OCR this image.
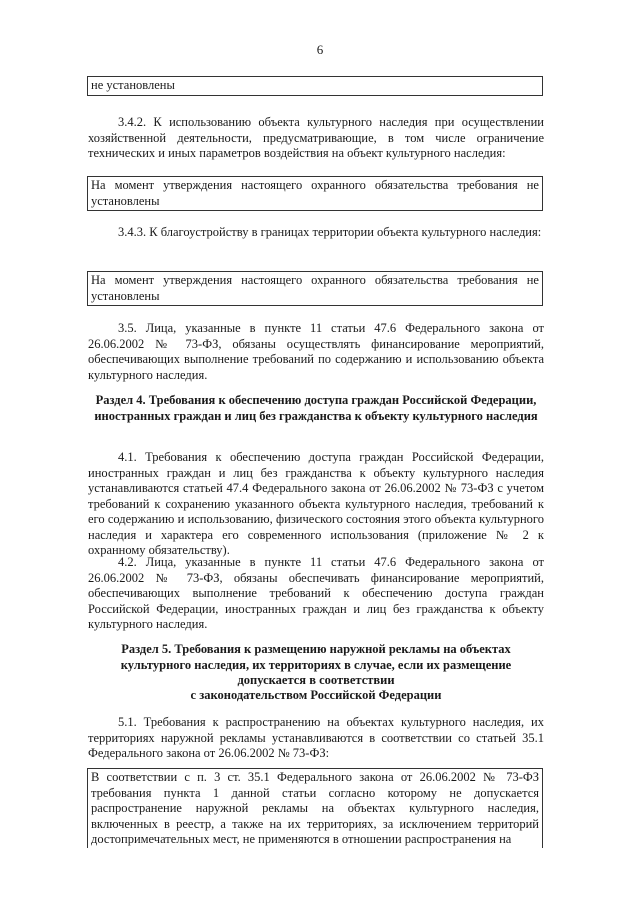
6
не установлены
3.4.2. К использованию объекта культурного наследия при осуществлении хозяйственной деятельности, предусматривающие, в том числе ограничение технических и иных параметров воздействия на объект культурного наследия:
На момент утверждения настоящего охранного обязательства требования не установлены
3.4.3. К благоустройству в границах территории объекта культурного наследия:
На момент утверждения настоящего охранного обязательства требования не установлены
3.5. Лица, указанные в пункте 11 статьи 47.6 Федерального закона от 26.06.2002 № 73-ФЗ, обязаны осуществлять финансирование мероприятий, обеспечивающих выполнение требований по содержанию и использованию объекта культурного наследия.
Раздел 4. Требования к обеспечению доступа граждан Российской Федерации, иностранных граждан и лиц без гражданства к объекту культурного наследия
4.1. Требования к обеспечению доступа граждан Российской Федерации, иностранных граждан и лиц без гражданства к объекту культурного наследия устанавливаются статьей 47.4 Федерального закона от 26.06.2002 № 73-ФЗ с учетом требований к сохранению указанного объекта культурного наследия, требований к его содержанию и использованию, физического состояния этого объекта культурного наследия и характера его современного использования (приложение № 2 к охранному обязательству).
4.2. Лица, указанные в пункте 11 статьи 47.6 Федерального закона от 26.06.2002 № 73-ФЗ, обязаны обеспечивать финансирование мероприятий, обеспечивающих выполнение требований к обеспечению доступа граждан Российской Федерации, иностранных граждан и лиц без гражданства к объекту культурного наследия.
Раздел 5. Требования к размещению наружной рекламы на объектах культурного наследия, их территориях в случае, если их размещение допускается в соответствии
с законодательством Российской Федерации
5.1. Требования к распространению на объектах культурного наследия, их территориях наружной рекламы устанавливаются в соответствии со статьей 35.1 Федерального закона от 26.06.2002 № 73-ФЗ:
В соответствии с п. 3 ст. 35.1 Федерального закона от 26.06.2002 № 73-ФЗ требования пункта 1 данной статьи согласно которому не допускается распространение наружной рекламы на объектах культурного наследия, включенных в реестр, а также на их территориях, за исключением территорий достопримечательных мест, не применяются в отношении распространения на
